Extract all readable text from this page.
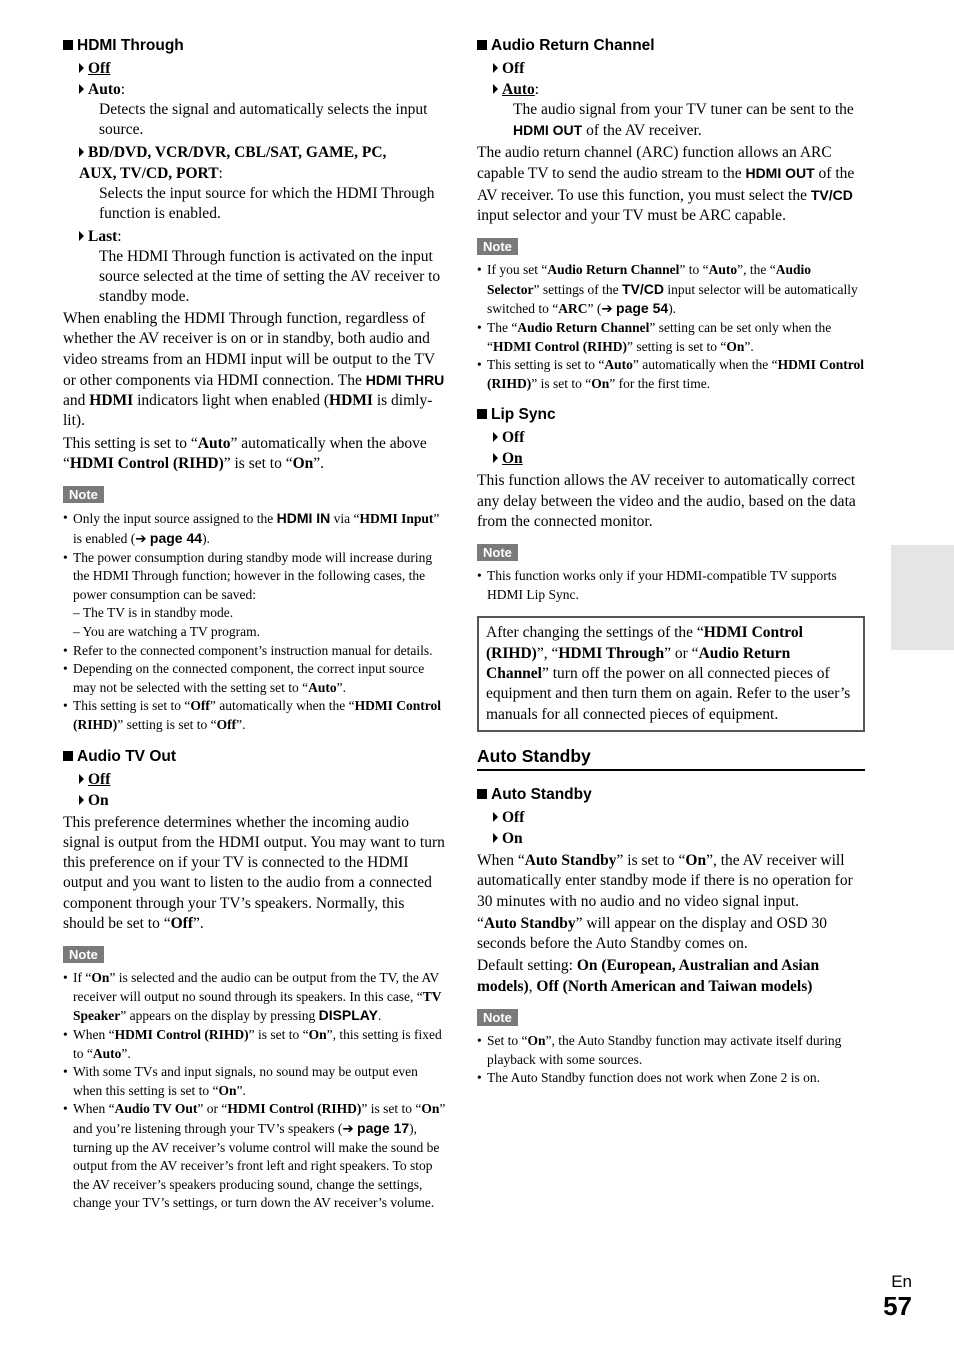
HDMI Through
Off
Auto:
Detects the signal and automatically selects the input source.
BD/DVD, VCR/DVR, CBL/SAT, GAME, PC,
AUX, TV/CD, PORT:
Selects the input source for which the HDMI Through function is enabled.
Last:
The HDMI Through function is activated on the input source selected at the time of setting the AV receiver to standby mode.
When enabling the HDMI Through function, regardless of whether the AV receiver is on or in standby, both audio and video streams from an HDMI input will be output to the TV or other components via HDMI connection. The HDMI THRU and HDMI indicators light when enabled (HDMI is dimly-lit).
This setting is set to “Auto” automatically when the above “HDMI Control (RIHD)” is set to “On”.
Note
• Only the input source assigned to the HDMI IN via “HDMI Input” is enabled (➔ page 44).
• The power consumption during standby mode will increase during the HDMI Through function; however in the following cases, the power consumption can be saved:
– The TV is in standby mode.
– You are watching a TV program.
• Refer to the connected component’s instruction manual for details.
• Depending on the connected component, the correct input source may not be selected with the setting set to “Auto”.
• This setting is set to “Off” automatically when the “HDMI Control (RIHD)” setting is set to “Off”.
Audio TV Out
Off
On
This preference determines whether the incoming audio signal is output from the HDMI output. You may want to turn this preference on if your TV is connected to the HDMI output and you want to listen to the audio from a connected component through your TV’s speakers. Normally, this should be set to “Off”.
Note
• If “On” is selected and the audio can be output from the TV, the AV receiver will output no sound through its speakers. In this case, “TV Speaker” appears on the display by pressing DISPLAY.
• When “HDMI Control (RIHD)” is set to “On”, this setting is fixed to “Auto”.
• With some TVs and input signals, no sound may be output even when this setting is set to “On”.
• When “Audio TV Out” or “HDMI Control (RIHD)” is set to “On” and you’re listening through your TV’s speakers (➔ page 17), turning up the AV receiver’s volume control will make the sound be output from the AV receiver’s front left and right speakers. To stop the AV receiver’s speakers producing sound, change the settings, change your TV’s settings, or turn down the AV receiver’s volume.
Audio Return Channel
Off
Auto:
The audio signal from your TV tuner can be sent to the HDMI OUT of the AV receiver.
The audio return channel (ARC) function allows an ARC capable TV to send the audio stream to the HDMI OUT of the AV receiver. To use this function, you must select the TV/CD input selector and your TV must be ARC capable.
Note
• If you set “Audio Return Channel” to “Auto”, the “Audio Selector” settings of the TV/CD input selector will be automatically switched to “ARC” (➔ page 54).
• The “Audio Return Channel” setting can be set only when the “HDMI Control (RIHD)” setting is set to “On”.
• This setting is set to “Auto” automatically when the “HDMI Control (RIHD)” is set to “On” for the first time.
Lip Sync
Off
On
This function allows the AV receiver to automatically correct any delay between the video and the audio, based on the data from the connected monitor.
Note
• This function works only if your HDMI-compatible TV supports HDMI Lip Sync.
After changing the settings of the “HDMI Control (RIHD)”, “HDMI Through” or “Audio Return Channel” turn off the power on all connected pieces of equipment and then turn them on again. Refer to the user’s manuals for all connected pieces of equipment.
Auto Standby
Auto Standby
Off
On
When “Auto Standby” is set to “On”, the AV receiver will automatically enter standby mode if there is no operation for 30 minutes with no audio and no video signal input.
“Auto Standby” will appear on the display and OSD 30 seconds before the Auto Standby comes on.
Default setting: On (European, Australian and Asian models), Off (North American and Taiwan models)
Note
• Set to “On”, the Auto Standby function may activate itself during playback with some sources.
• The Auto Standby function does not work when Zone 2 is on.
En
57
